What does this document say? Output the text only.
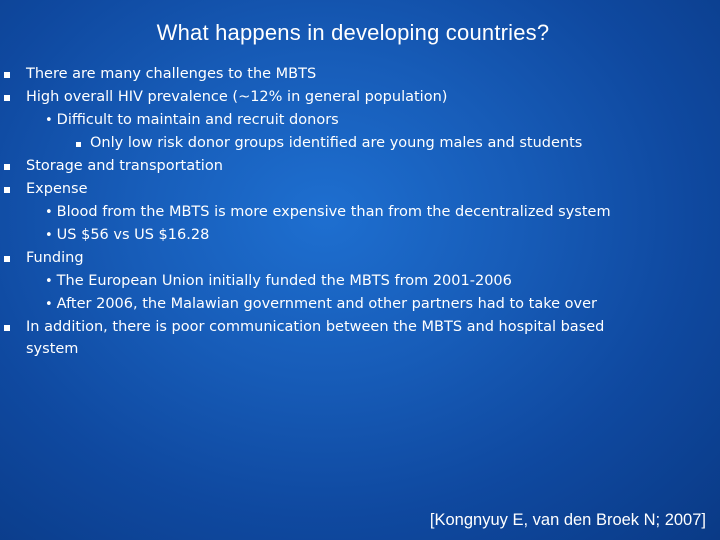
What happens in developing countries?
There are many challenges to the MBTS
High overall HIV prevalence (~12% in general population)
• Difficult to maintain and recruit donors
Only low risk donor groups identified are young males and students
Storage and transportation
Expense
• Blood from the MBTS is more expensive than from the decentralized system
• US $56 vs US $16.28
Funding
• The European Union initially funded the MBTS from 2001-2006
• After 2006, the Malawian government and other partners had to take over
In addition, there is poor communication between the MBTS and hospital based
system
[Kongnyuy E, van den Broek N; 2007]
